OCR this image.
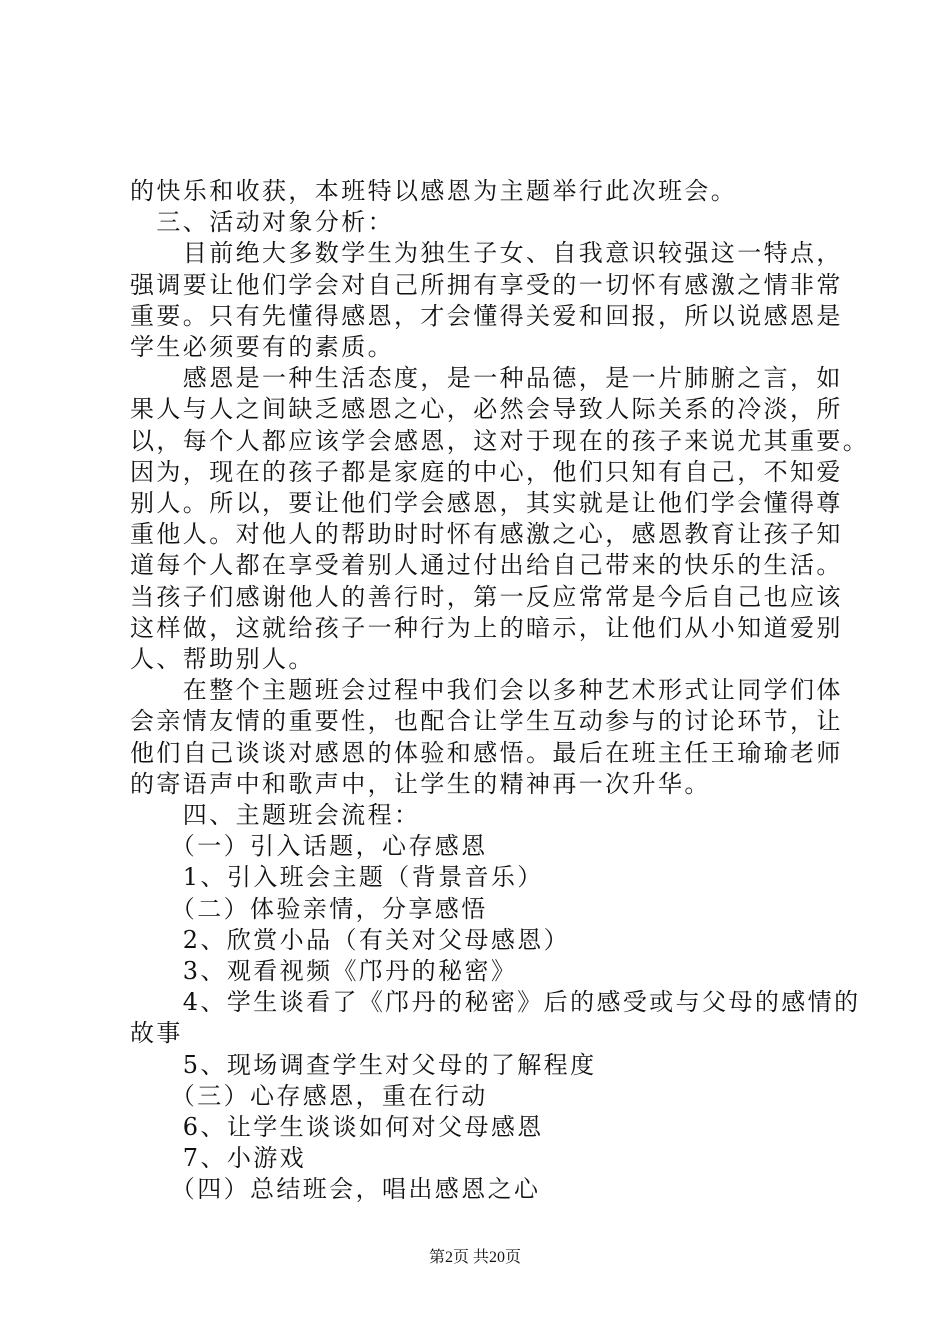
的快乐和收获，本班特以感恩为主题举行此次班会。
　三、活动对象分析：
　　目前绝大多数学生为独生子女、自我意识较强这一特点，
强调要让他们学会对自己所拥有享受的一切怀有感激之情非常
重要。只有先懂得感恩，才会懂得关爱和回报，所以说感恩是
学生必须要有的素质。
　　感恩是一种生活态度，是一种品德，是一片肺腑之言，如
果人与人之间缺乏感恩之心，必然会导致人际关系的冷淡，所
以，每个人都应该学会感恩，这对于现在的孩子来说尤其重要。
因为，现在的孩子都是家庭的中心，他们只知有自己，不知爱
别人。所以，要让他们学会感恩，其实就是让他们学会懂得尊
重他人。对他人的帮助时时怀有感激之心，感恩教育让孩子知
道每个人都在享受着别人通过付出给自己带来的快乐的生活。
当孩子们感谢他人的善行时，第一反应常常是今后自己也应该
这样做，这就给孩子一种行为上的暗示，让他们从小知道爱别
人、帮助别人。
　　在整个主题班会过程中我们会以多种艺术形式让同学们体
会亲情友情的重要性，也配合让学生互动参与的讨论环节，让
他们自己谈谈对感恩的体验和感悟。最后在班主任王瑜瑜老师
的寄语声中和歌声中，让学生的精神再一次升华。
　　四、主题班会流程：
　　（一）引入话题，心存感恩
　　1、引入班会主题（背景音乐）
　　（二）体验亲情，分享感悟
　　2、欣赏小品（有关对父母感恩）
　　3、观看视频《邝丹的秘密》
　　4、学生谈看了《邝丹的秘密》后的感受或与父母的感情的
故事
　　5、现场调查学生对父母的了解程度
　　（三）心存感恩，重在行动
　　6、让学生谈谈如何对父母感恩
　　7、小游戏
　　（四）总结班会，唱出感恩之心
第2页 共20页
